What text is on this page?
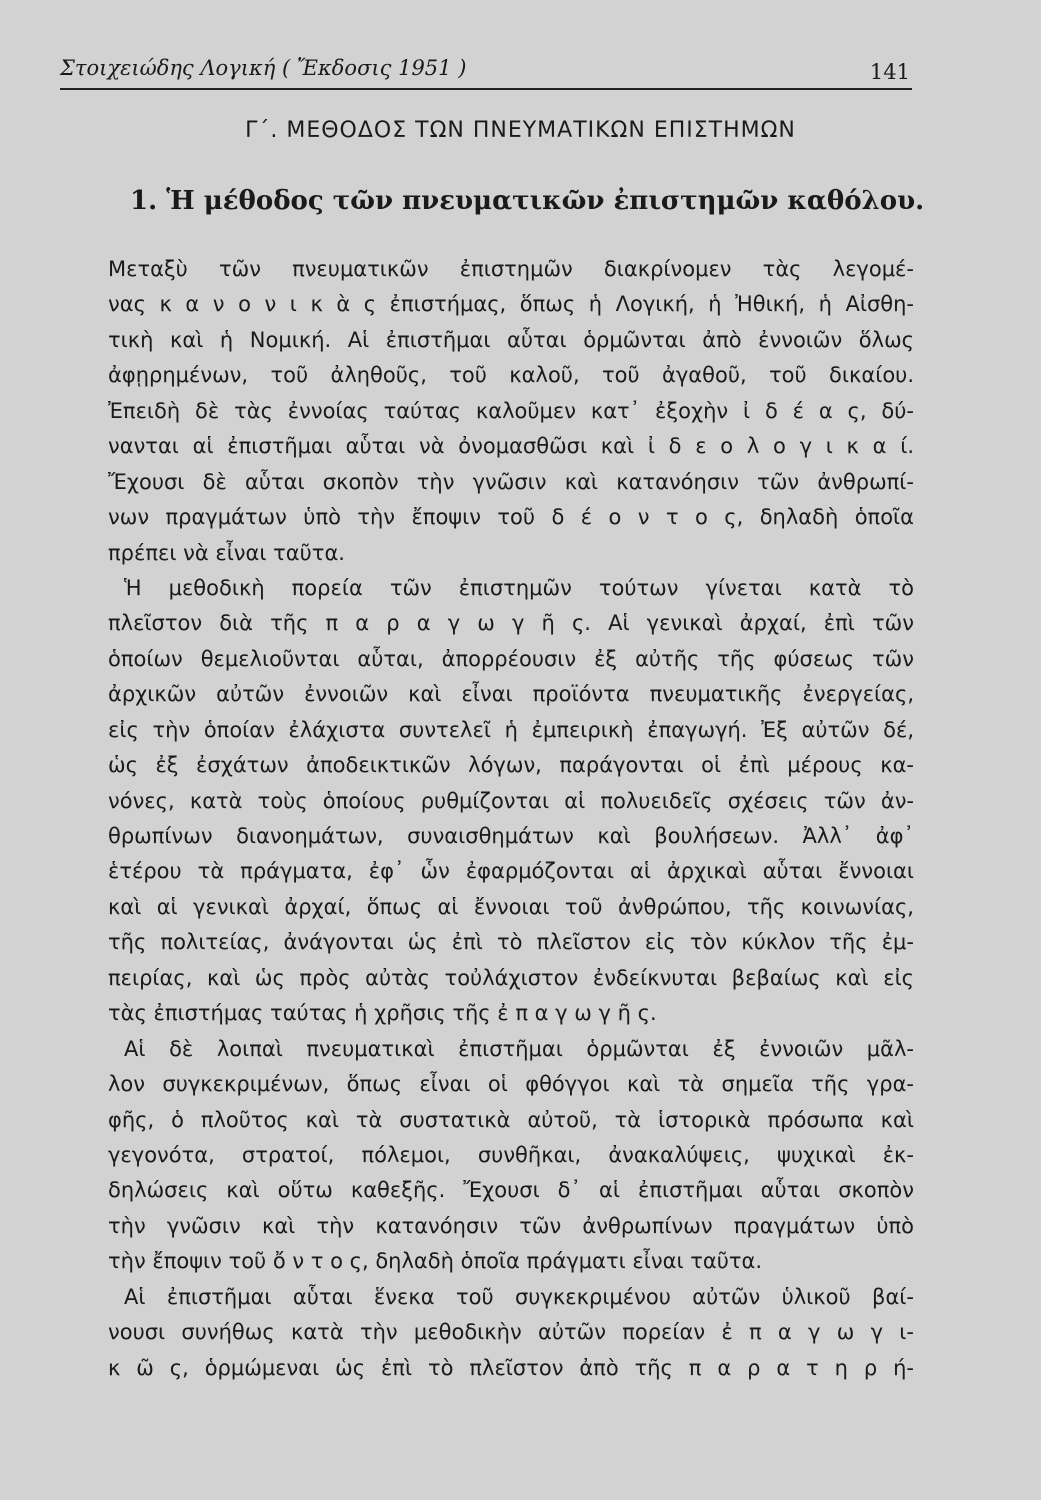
Στοιχειώδης Λογική ( Ἔκδοσις 1951 )	141
Γ΄. ΜΕΘΟΔΟΣ ΤΩΝ ΠΝΕΥΜΑΤΙΚΩΝ ΕΠΙΣΤΗΜΩΝ
1. Ἡ μέθοδος τῶν πνευματικῶν ἐπιστημῶν καθόλου.
Μεταξὺ τῶν πνευματικῶν ἐπιστημῶν διακρίνομεν τὰς λεγομέ-
νας κ α ν ο ν ι κ ὰ ς ἐπιστήμας, ὅπως ἡ Λογική, ἡ Ἠθική, ἡ Αἰσθη-
τικὴ καὶ ἡ Νομική. Αἱ ἐπιστῆμαι αὗται ὁρμῶνται ἀπὸ ἐννοιῶν ὅλως
ἀφῃρημένων, τοῦ ἀληθοῦς, τοῦ καλοῦ, τοῦ ἀγαθοῦ, τοῦ δικαίου.
Ἐπειδὴ δὲ τὰς ἐννοίας ταύτας καλοῦμεν κατ᾽ ἐξοχὴν ἰ δ έ α ς, δύ-
νανται αἱ ἐπιστῆμαι αὗται νὰ ὀνομασθῶσι καὶ ἰ δ ε ο λ ο γ ι κ α ί.
Ἔχουσι δὲ αὗται σκοπὸν τὴν γνῶσιν καὶ κατανόησιν τῶν ἀνθρωπί-
νων πραγμάτων ὑπὸ τὴν ἔποψιν τοῦ δ έ ο ν τ ο ς, δηλαδὴ ὁποῖα
πρέπει νὰ εἶναι ταῦτα.
Ἡ μεθοδικὴ πορεία τῶν ἐπιστημῶν τούτων γίνεται κατὰ τὸ
πλεῖστον διὰ τῆς π α ρ α γ ω γ ῆ ς. Αἱ γενικαὶ ἀρχαί, ἐπὶ τῶν
ὁποίων θεμελιοῦνται αὗται, ἀπορρέουσιν ἐξ αὐτῆς τῆς φύσεως τῶν
ἀρχικῶν αὐτῶν ἐννοιῶν καὶ εἶναι προϊόντα πνευματικῆς ἐνεργείας,
εἰς τὴν ὁποίαν ἐλάχιστα συντελεῖ ἡ ἐμπειρικὴ ἐπαγωγή. Ἐξ αὐτῶν δέ,
ὡς ἐξ ἐσχάτων ἀποδεικτικῶν λόγων, παράγονται οἱ ἐπὶ μέρους κα-
νόνες, κατὰ τοὺς ὁποίους ρυθμίζονται αἱ πολυειδεῖς σχέσεις τῶν ἀν-
θρωπίνων διανοημάτων, συναισθημάτων καὶ βουλήσεων. Ἀλλ᾽ ἀφ᾽
ἑτέρου τὰ πράγματα, ἐφ᾽ ὧν ἐφαρμόζονται αἱ ἀρχικαὶ αὗται ἔννοιαι
καὶ αἱ γενικαὶ ἀρχαί, ὅπως αἱ ἔννοιαι τοῦ ἀνθρώπου, τῆς κοινωνίας,
τῆς πολιτείας, ἀνάγονται ὡς ἐπὶ τὸ πλεῖστον εἰς τὸν κύκλον τῆς ἐμ-
πειρίας, καὶ ὡς πρὸς αὐτὰς τοὐλάχιστον ἐνδείκνυται βεβαίως καὶ εἰς
τὰς ἐπιστήμας ταύτας ἡ χρῆσις τῆς ἐ π α γ ω γ ῆ ς.
Αἱ δὲ λοιπαὶ πνευματικαὶ ἐπιστῆμαι ὁρμῶνται ἐξ ἐννοιῶν μᾶλ-
λον συγκεκριμένων, ὅπως εἶναι οἱ φθόγγοι καὶ τὰ σημεῖα τῆς γρα-
φῆς, ὁ πλοῦτος καὶ τὰ συστατικὰ αὐτοῦ, τὰ ἱστορικὰ πρόσωπα καὶ
γεγονότα, στρατοί, πόλεμοι, συνθῆκαι, ἀνακαλύψεις, ψυχικαὶ ἐκ-
δηλώσεις καὶ οὕτω καθεξῆς. Ἔχουσι δ᾽ αἱ ἐπιστῆμαι αὗται σκοπὸν
τὴν γνῶσιν καὶ τὴν κατανόησιν τῶν ἀνθρωπίνων πραγμάτων ὑπὸ
τὴν ἔποψιν τοῦ ὄ ν τ ο ς, δηλαδὴ ὁποῖα πράγματι εἶναι ταῦτα.
Αἱ ἐπιστῆμαι αὗται ἕνεκα τοῦ συγκεκριμένου αὐτῶν ὑλικοῦ βαί-
νουσι συνήθως κατὰ τὴν μεθοδικὴν αὐτῶν πορείαν ἐ π α γ ω γ ι-
κ ῶ ς, ὁρμώμεναι ὡς ἐπὶ τὸ πλεῖστον ἀπὸ τῆς π α ρ α τ η ρ ή-
